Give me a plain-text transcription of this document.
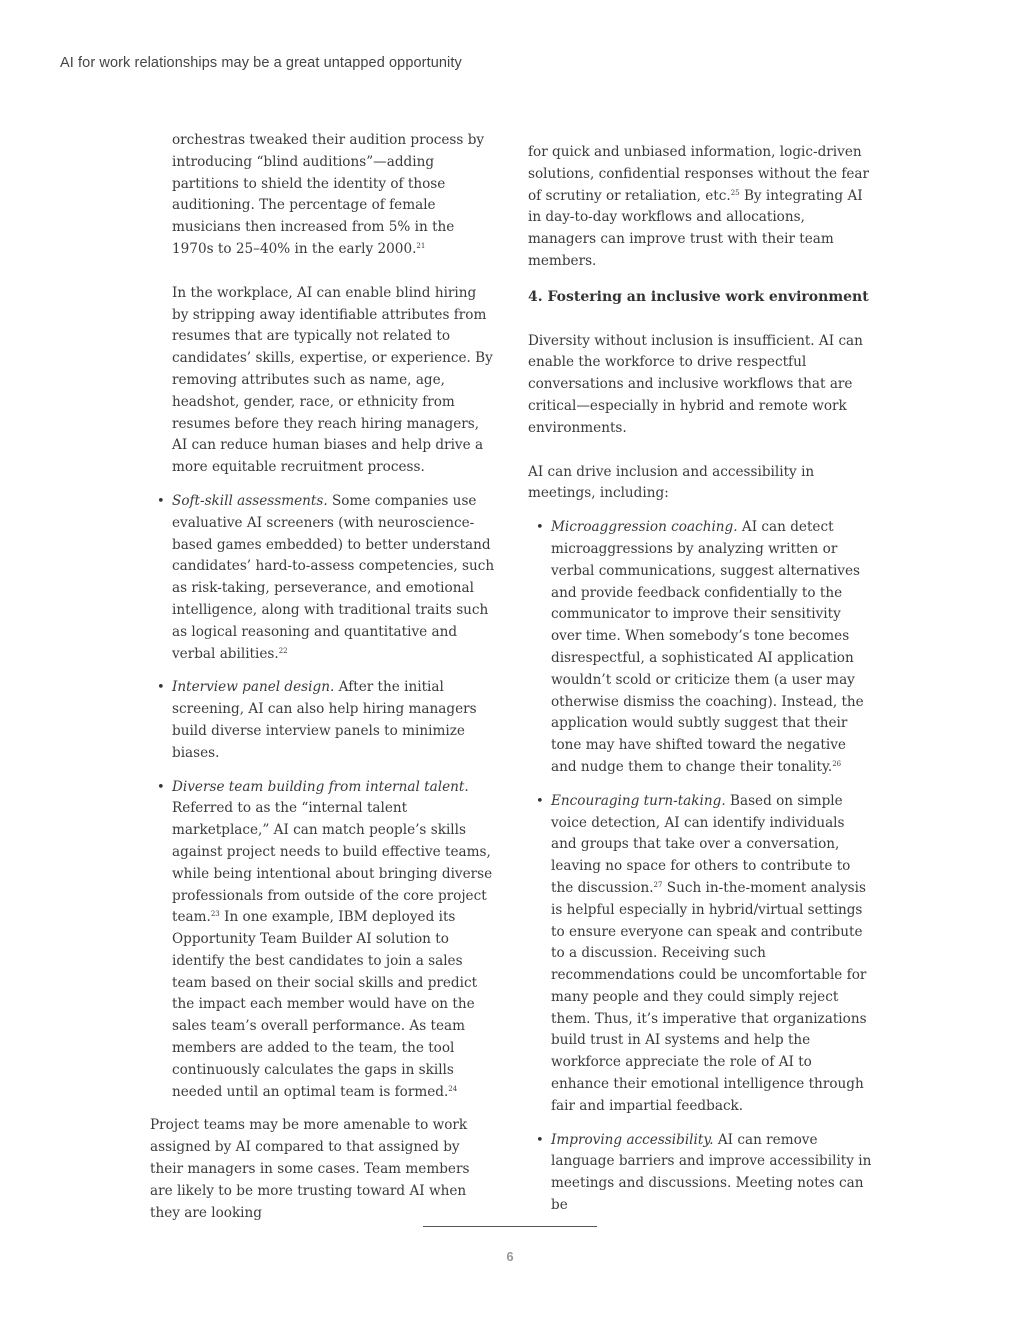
AI for work relationships may be a great untapped opportunity

orchestras tweaked their audition process by introducing “blind auditions”—adding partitions to shield the identity of those auditioning. The percentage of female musicians then increased from 5% in the 1970s to 25–40% in the early 2000.21

In the workplace, AI can enable blind hiring by stripping away identifiable attributes from resumes that are typically not related to candidates’ skills, expertise, or experience. By removing attributes such as name, age, headshot, gender, race, or ethnicity from resumes before they reach hiring managers, AI can reduce human biases and help drive a more equitable recruitment process.

• Soft-skill assessments. Some companies use evaluative AI screeners (with neuroscience-based games embedded) to better understand candidates’ hard-to-assess competencies, such as risk-taking, perseverance, and emotional intelligence, along with traditional traits such as logical reasoning and quantitative and verbal abilities.$^{22}$
• Interview panel design. After the initial screening, AI can also help hiring managers build diverse interview panels to minimize biases.
• Diverse team building from internal talent. Referred to as the “internal talent marketplace,” AI can match people’s skills against project needs to build effective teams, while being intentional about bringing diverse professionals from outside of the core project team.$^{23}$ In one example, IBM deployed its Opportunity Team Builder AI solution to identify the best candidates to join a sales team based on their social skills and predict the impact each member would have on the sales team’s overall performance. As team members are added to the team, the tool continuously calculates the gaps in skills needed until an optimal team is formed.$^{24}$

Project teams may be more amenable to work assigned by AI compared to that assigned by their managers in some cases. Team members are likely to be more trusting toward AI when they are looking

for quick and unbiased information, logic-driven solutions, confidential responses without the fear of scrutiny or retaliation, etc.$^{25}$ By integrating AI in day-to-day workflows and allocations, managers can improve trust with their team members.

4. Fostering an inclusive work environment

Diversity without inclusion is insufficient. AI can enable the workforce to drive respectful conversations and inclusive workflows that are critical—especially in hybrid and remote work environments.

AI can drive inclusion and accessibility in meetings, including:

• Microaggression coaching. AI can detect microaggressions by analyzing written or verbal communications, suggest alternatives and provide feedback confidentially to the communicator to improve their sensitivity over time. When somebody’s tone becomes disrespectful, a sophisticated AI application wouldn’t scold or criticize them (a user may otherwise dismiss the coaching). Instead, the application would subtly suggest that their tone may have shifted toward the negative and nudge them to change their tonality.$^{26}$
• Encouraging turn-taking. Based on simple voice detection, AI can identify individuals and groups that take over a conversation, leaving no space for others to contribute to the discussion.$^{27}$ Such in-the-moment analysis is helpful especially in hybrid/virtual settings to ensure everyone can speak and contribute to a discussion. Receiving such recommendations could be uncomfortable for many people and they could simply reject them. Thus, it’s imperative that organizations build trust in AI systems and help the workforce appreciate the role of AI to enhance their emotional intelligence through fair and impartial feedback.
• Improving accessibility. AI can remove language barriers and improve accessibility in meetings and discussions. Meeting notes can be
6
